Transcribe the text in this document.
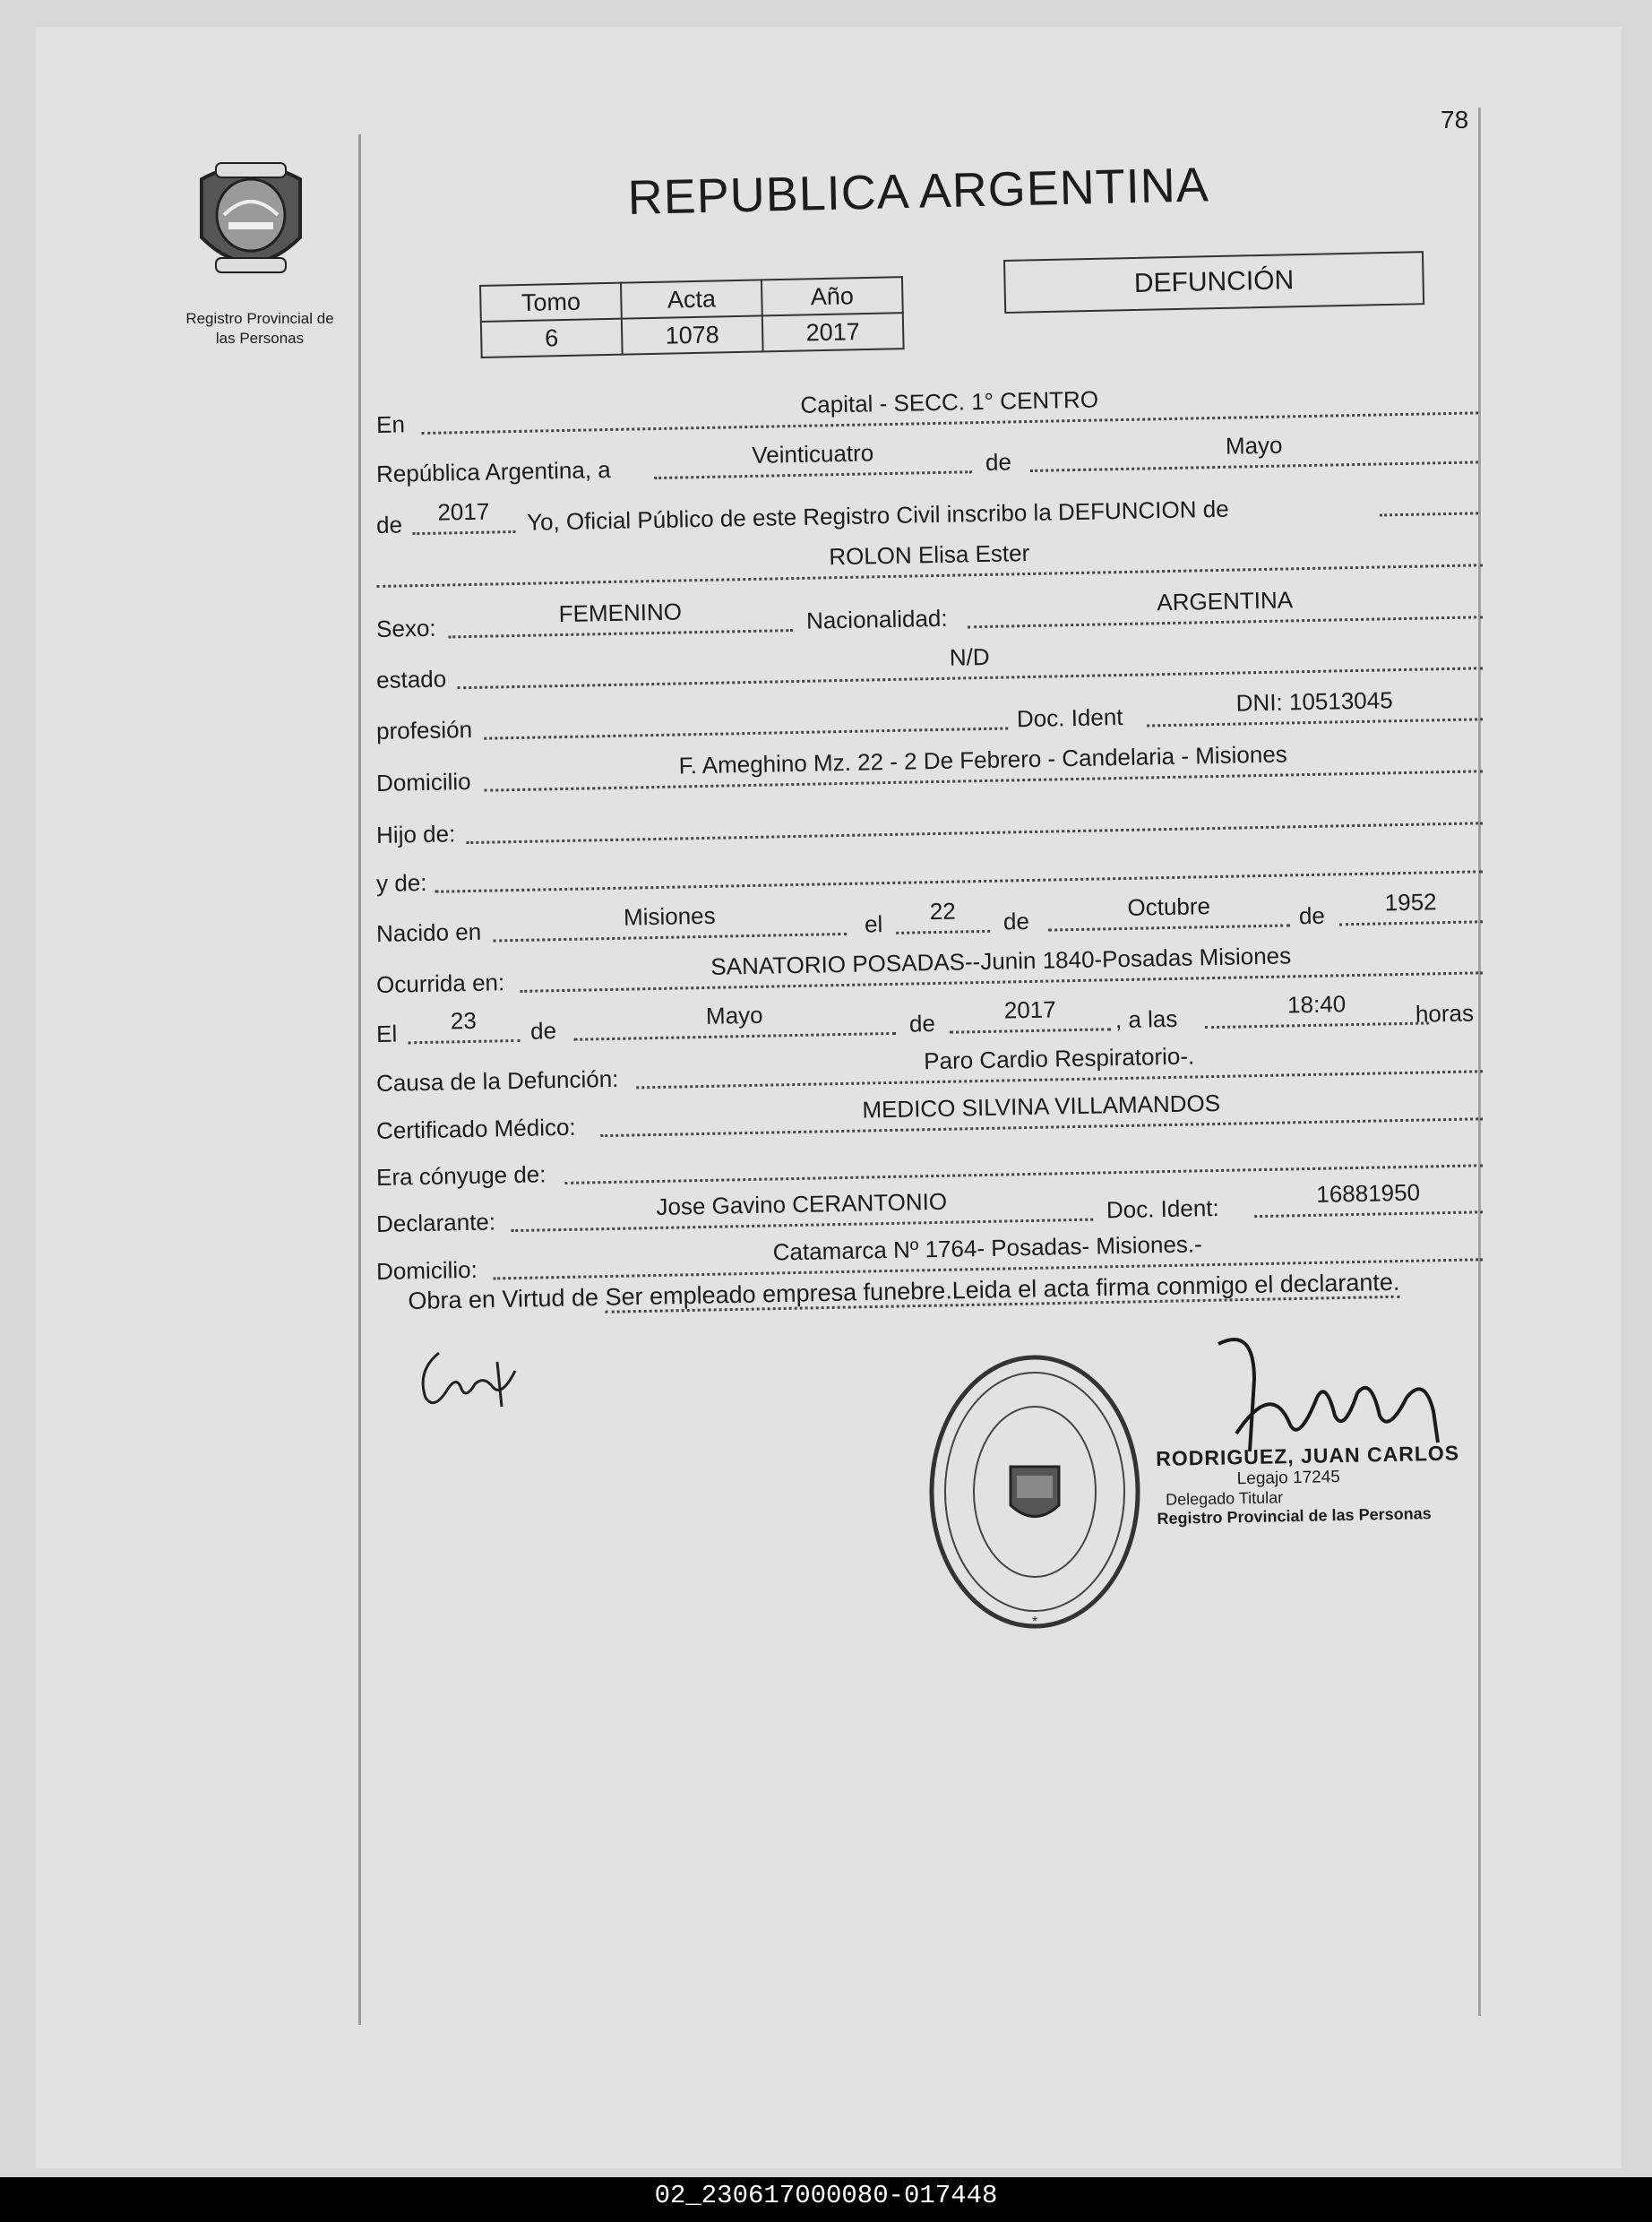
78
Registro Provincial de
las Personas
REPUBLICA ARGENTINA
Tomo	Acta	Año
6	1078	2017
DEFUNCIÓN
En
Capital - SECC. 1° CENTRO
República Argentina, a
Veinticuatro	de
Mayo
de	2017	Yo, Oficial Público de este Registro Civil inscribo la DEFUNCION de
ROLON Elisa Ester
Sexo:
FEMENINO	Nacionalidad:
ARGENTINA
estado
N/D
profesión	Doc. Ident
DNI: 10513045
Domicilio
F. Ameghino Mz. 22 - 2 De Febrero - Candelaria - Misiones
Hijo de:
y de:
Nacido en
Misiones	el	22	de
Octubre	de	1952
Ocurrida en:
SANATORIO POSADAS--Junin 1840-Posadas Misiones
El	23	de
Mayo	de	2017	, a las
18:40	horas
Causa de la Defunción:
Paro Cardio Respiratorio-.
Certificado Médico:
MEDICO SILVINA VILLAMANDOS
Era cónyuge de:
Declarante:
Jose Gavino CERANTONIO	Doc. Ident:
16881950
Domicilio:
Catamarca Nº 1764- Posadas- Misiones.-
Obra en Virtud de Ser empleado empresa funebre.Leida el acta firma conmigo el declarante.
*
RODRIGUEZ, JUAN CARLOS
Legajo 17245
Delegado Titular
Registro Provincial de las Personas
02_230617000080-017448
